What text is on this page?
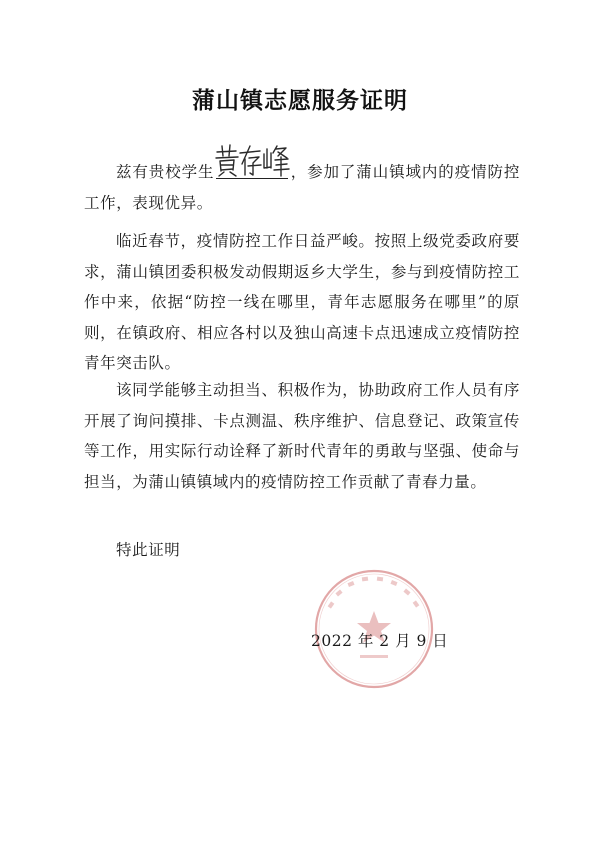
蒲山镇志愿服务证明
兹有贵校学生	，参加了蒲山镇域内的疫情防控工作，表现优异。
临近春节，疫情防控工作日益严峻。按照上级党委政府要求，蒲山镇团委积极发动假期返乡大学生，参与到疫情防控工作中来，依据“防控一线在哪里，青年志愿服务在哪里”的原则，在镇政府、相应各村以及独山高速卡点迅速成立疫情防控青年突击队。
该同学能够主动担当、积极作为，协助政府工作人员有序开展了询问摸排、卡点测温、秩序维护、信息登记、政策宣传等工作，用实际行动诠释了新时代青年的勇敢与坚强、使命与担当，为蒲山镇镇域内的疫情防控工作贡献了青春力量。
特此证明
2022 年 2 月 9 日
